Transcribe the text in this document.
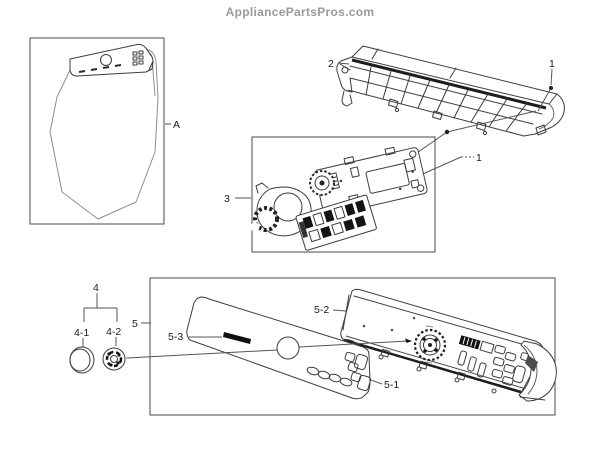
AppliancePartsPros.com
A
2	1
3
1
4
4-1 4-2
5
5-3
5-2
5-1
